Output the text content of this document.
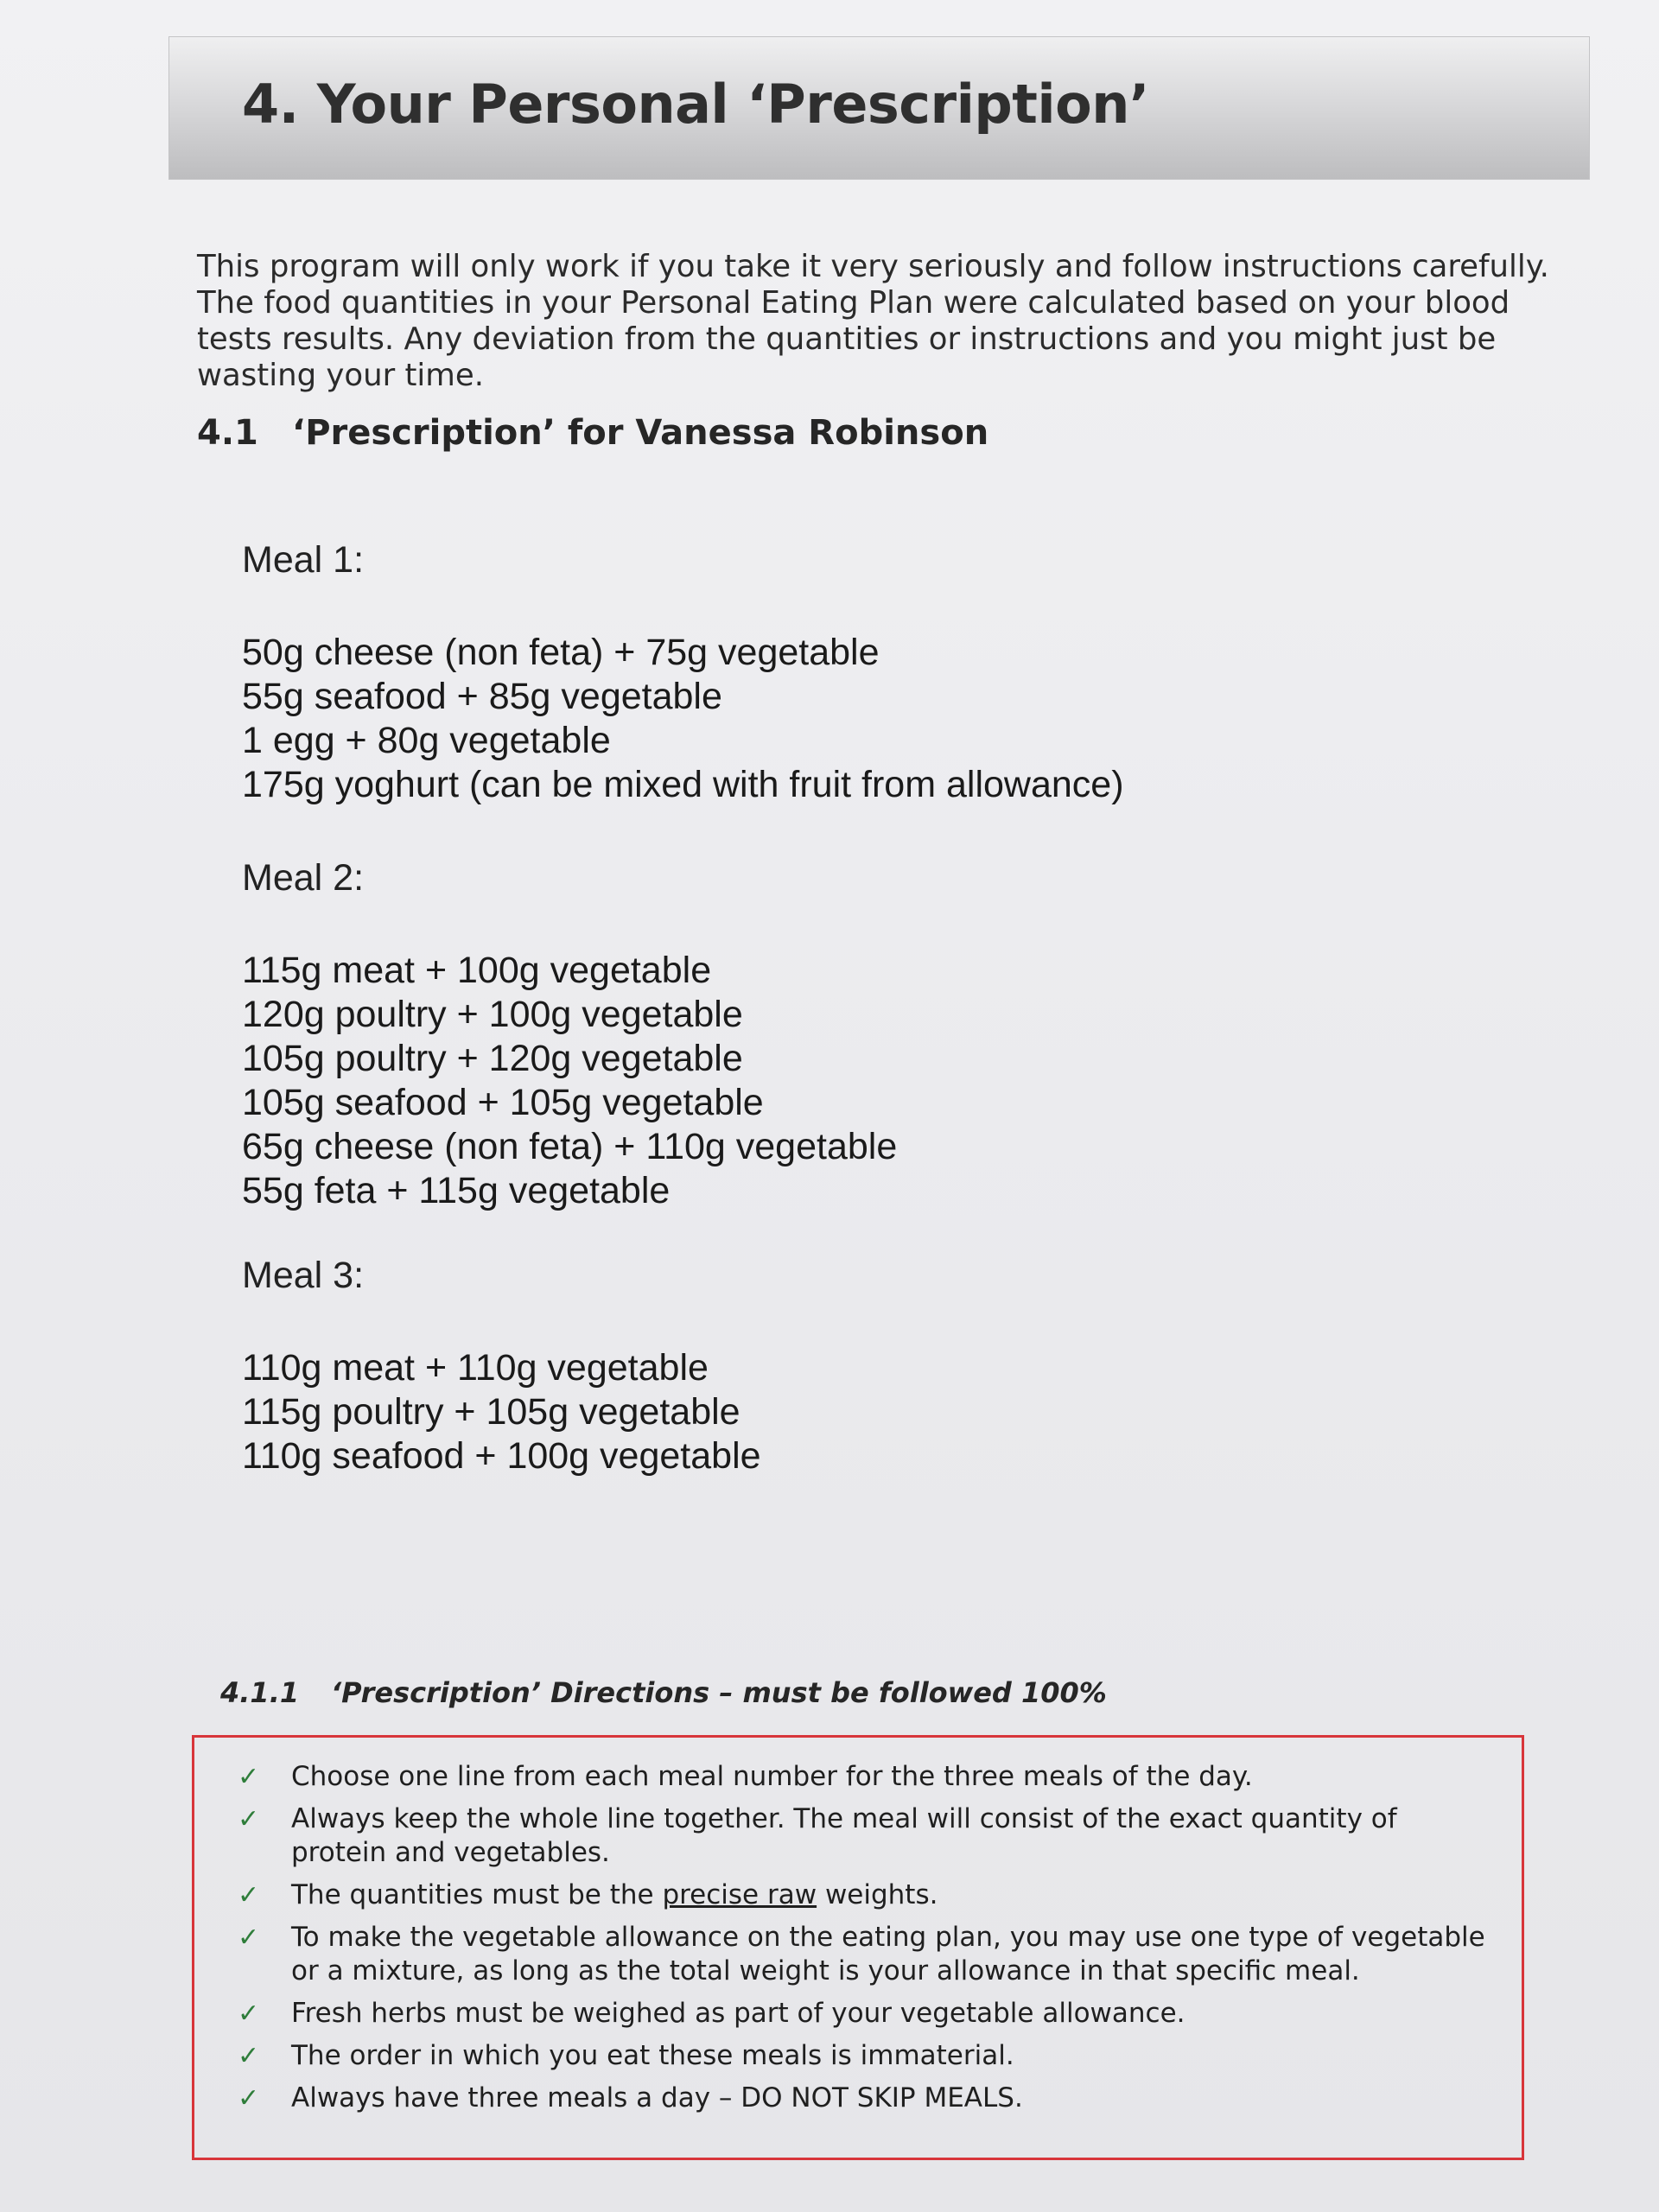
4. Your Personal ‘Prescription’

This program will only work if you take it very seriously and follow instructions carefully. The food quantities in your Personal Eating Plan were calculated based on your blood tests results. Any deviation from the quantities or instructions and you might just be wasting your time.

4.1 ‘Prescription’ for Vanessa Robinson

Meal 1:

50g cheese (non feta) + 75g vegetable

55g seafood + 85g vegetable

1 egg + 80g vegetable

175g yoghurt (can be mixed with fruit from allowance)

Meal 2:

115g meat + 100g vegetable

120g poultry + 100g vegetable

105g poultry + 120g vegetable

105g seafood + 105g vegetable

65g cheese (non feta) + 110g vegetable

55g feta + 115g vegetable

Meal 3:

110g meat + 110g vegetable

115g poultry + 105g vegetable

110g seafood + 100g vegetable

4.1.1 ‘Prescription’ Directions – must be followed 100%

✓ Choose one line from each meal number for the three meals of the day.

✓ Always keep the whole line together. The meal will consist of the exact quantity of protein and vegetables.

✓ The quantities must be the precise raw weights.

✓ To make the vegetable allowance on the eating plan, you may use one type of vegetable or a mixture, as long as the total weight is your allowance in that specific meal.

✓ Fresh herbs must be weighed as part of your vegetable allowance.

✓ The order in which you eat these meals is immaterial.

✓ Always have three meals a day – DO NOT SKIP MEALS.
